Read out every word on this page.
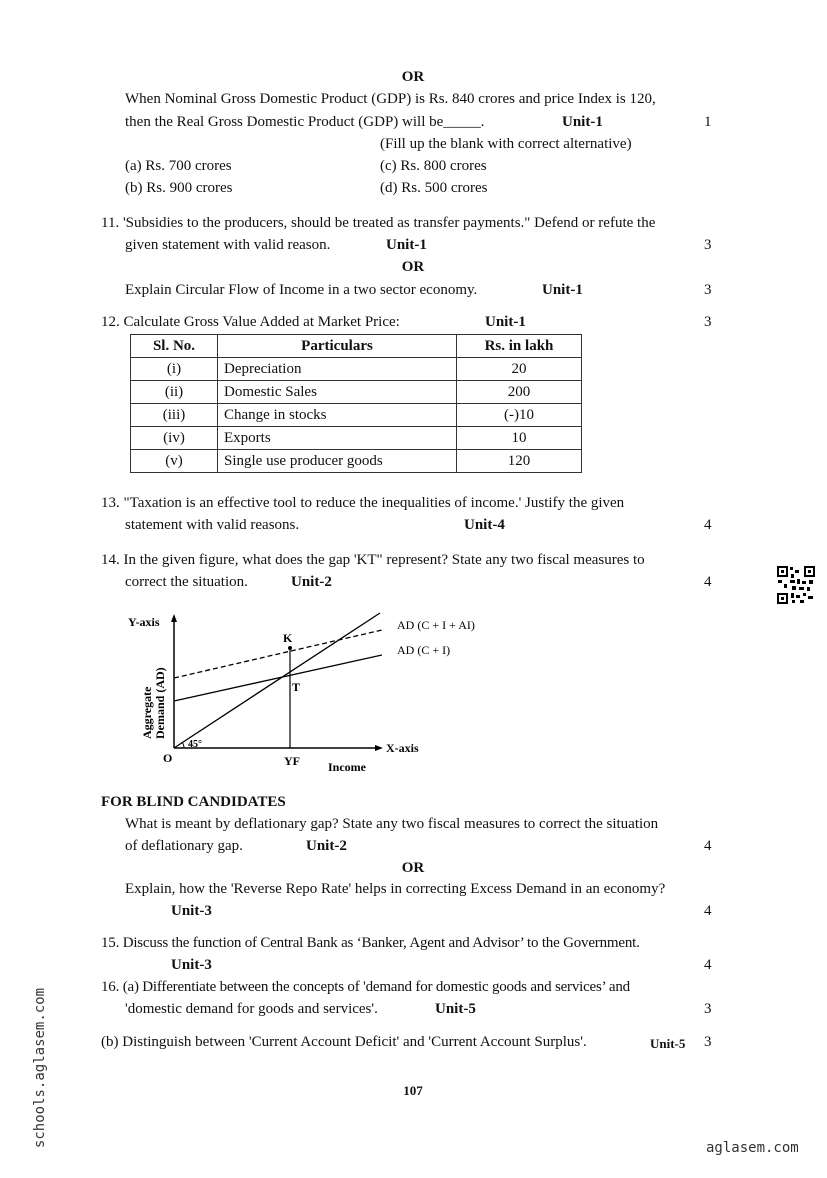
OR
When Nominal Gross Domestic Product (GDP) is Rs. 840 crores and price Index is 120,
then the Real Gross Domestic Product (GDP) will be_____.	Unit-1	1
(Fill up the blank with correct alternative)
(a) Rs. 700 crores	(c) Rs. 800 crores
(b) Rs. 900 crores	(d) Rs. 500 crores
11. 'Subsidies to the producers, should be treated as transfer payments." Defend or refute the
given statement with valid reason.	Unit-1	3
OR
Explain Circular Flow of Income in a two sector economy.	Unit-1	3
12. Calculate Gross Value Added at Market Price:	Unit-1	3
Sl. No.	Particulars	Rs. in lakh
(i)	Depreciation	20
(ii)	Domestic Sales	200
(iii)	Change in stocks	(-)10
(iv)	Exports	10
(v)	Single use producer goods	120
13. "Taxation is an effective tool to reduce the inequalities of income.' Justify the given
statement with valid reasons.	Unit-4	4
14. In the given figure, what does the gap 'KT" represent? State any two fiscal measures to
correct the situation.	Unit-2	4
Y-axis
Aggregate Demand (AD)
X-axis
Income
O
45°
YF
K
T
AD (C + I + AI)
AD (C + I)
FOR BLIND CANDIDATES
What is meant by deflationary gap? State any two fiscal measures to correct the situation
of deflationary gap.	Unit-2	4
OR
Explain, how the 'Reverse Repo Rate' helps in correcting Excess Demand in an economy?
Unit-3	4
15. Discuss the function of Central Bank as ‘Banker, Agent and Advisor’ to the Government.
Unit-3	4
16. (a) Differentiate between the concepts of 'demand for domestic goods and services’ and
'domestic demand for goods and services'.	Unit-5	3
(b) Distinguish between 'Current Account Deficit' and 'Current Account Surplus'.	Unit-5 3
107
schools.aglasem.com	aglasem.com
